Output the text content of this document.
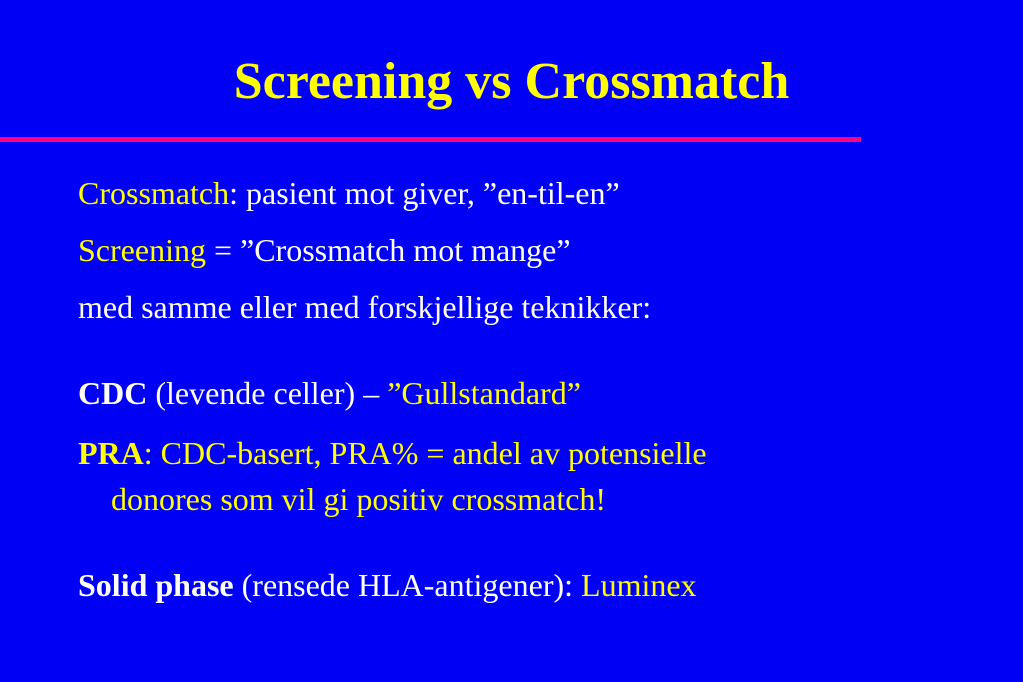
Screening vs Crossmatch
Crossmatch: pasient mot giver, ”en-til-en”
Screening = ”Crossmatch mot mange”
med samme eller med forskjellige teknikker:
CDC (levende celler) – ”Gullstandard”
PRA: CDC-basert, PRA% = andel av potensielle
donores som vil gi positiv crossmatch!
Solid phase (rensede HLA-antigener): Luminex
